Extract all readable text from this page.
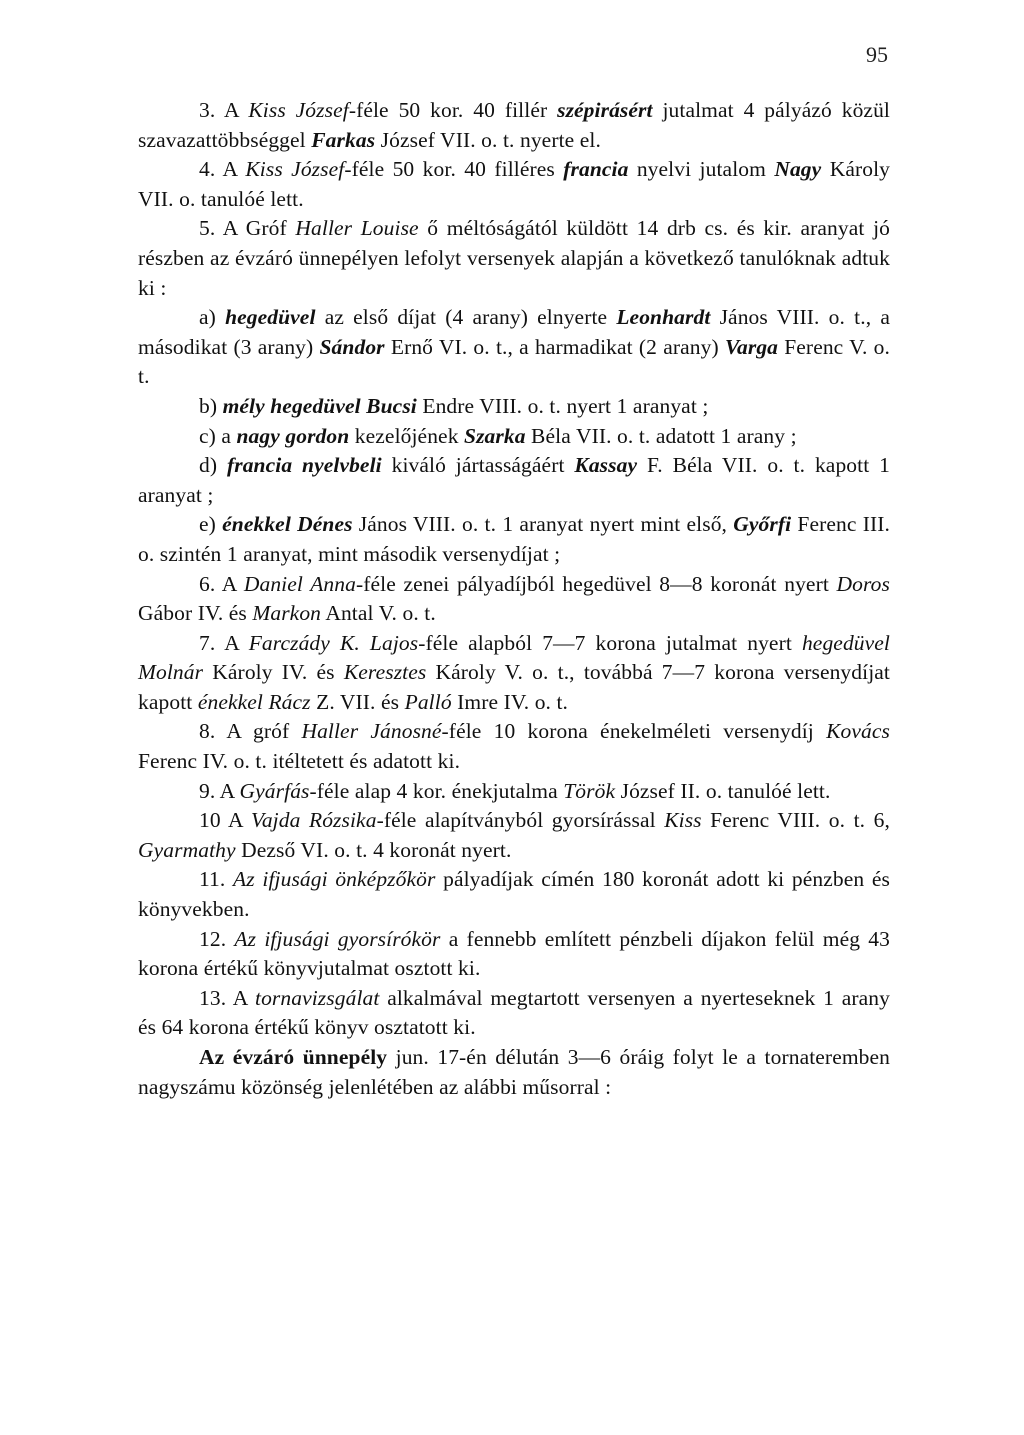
95

3. A Kiss József-féle 50 kor. 40 fillér szépirásért jutalmat 4 pályázó közül szavazattöbbséggel Farkas József VII. o. t. nyerte el.

4. A Kiss József-féle 50 kor. 40 filléres francia nyelvi jutalom Nagy Károly VII. o. tanulóé lett.

5. A Gróf Haller Louise ő méltóságától küldött 14 drb cs. és kir. aranyat jó részben az évzáró ünnepélyen lefolyt versenyek alapján a következő tanulóknak adtuk ki :

a) hegedüvel az első díjat (4 arany) elnyerte Leonhardt János VIII. o. t., a másodikat (3 arany) Sándor Ernő VI. o. t., a harmadikat (2 arany) Varga Ferenc V. o. t.

b) mély hegedüvel Bucsi Endre VIII. o. t. nyert 1 aranyat ;

c) a nagy gordon kezelőjének Szarka Béla VII. o. t. adatott 1 arany ;

d) francia nyelvbeli kiváló jártasságáért Kassay F. Béla VII. o. t. kapott 1 aranyat ;

e) énekkel Dénes János VIII. o. t. 1 aranyat nyert mint első, Győrfi Ferenc III. o. szintén 1 aranyat, mint második versenydíjat ;

6. A Daniel Anna-féle zenei pályadíjból hegedüvel 8—8 koronát nyert Doros Gábor IV. és Markon Antal V. o. t.

7. A Farczády K. Lajos-féle alapból 7—7 korona jutalmat nyert hegedüvel Molnár Károly IV. és Keresztes Károly V. o. t., továbbá 7—7 korona versenydíjat kapott énekkel Rácz Z. VII. és Palló Imre IV. o. t.

8. A gróf Haller Jánosné-féle 10 korona énekelméleti versenydíj Kovács Ferenc IV. o. t. itéltetett és adatott ki.

9. A Gyárfás-féle alap 4 kor. énekjutalma Török József II. o. tanulóé lett.

10 A Vajda Rózsika-féle alapítványból gyorsírással Kiss Ferenc VIII. o. t. 6, Gyarmathy Dezső VI. o. t. 4 koronát nyert.

11. Az ifjusági önképzőkör pályadíjak címén 180 koronát adott ki pénzben és könyvekben.

12. Az ifjusági gyorsírókör a fennebb említett pénzbeli díjakon felül még 43 korona értékű könyvjutalmat osztott ki.

13. A tornavizsgálat alkalmával megtartott versenyen a nyerteseknek 1 arany és 64 korona értékű könyv osztatott ki.

Az évzáró ünnepély jun. 17-én délután 3—6 óráig folyt le a tornateremben nagyszámu közönség jelenlétében az alábbi műsorral :
